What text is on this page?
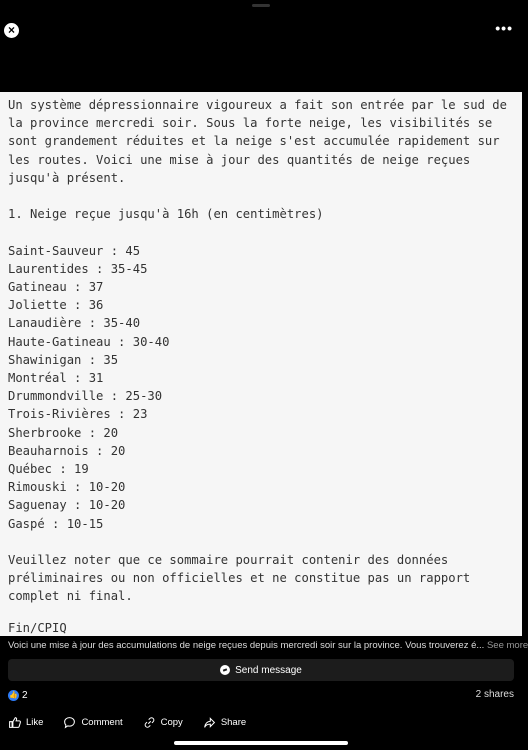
×	•••
Un système dépressionnaire vigoureux a fait son entrée par le sud de
la province mercredi soir. Sous la forte neige, les visibilités se
sont grandement réduites et la neige s'est accumulée rapidement sur
les routes. Voici une mise à jour des quantités de neige reçues
jusqu'à présent.

1. Neige reçue jusqu'à 16h (en centimètres)

Saint-Sauveur : 45
Laurentides : 35-45
Gatineau : 37
Joliette : 36
Lanaudière : 35-40
Haute-Gatineau : 30-40
Shawinigan : 35
Montréal : 31
Drummondville : 25-30
Trois-Rivières : 23
Sherbrooke : 20
Beauharnois : 20
Québec : 19
Rimouski : 10-20
Saguenay : 10-20
Gaspé : 10-15

Veuillez noter que ce sommaire pourrait contenir des données
préliminaires ou non officielles et ne constitue pas un rapport
complet ni final.
Fin/CPIQ
Voici une mise à jour des accumulations de neige reçues depuis mercredi soir sur la province. Vous trouverez é... See more
Send message
👍 2	2 shares
Like	Comment	Copy	Share
